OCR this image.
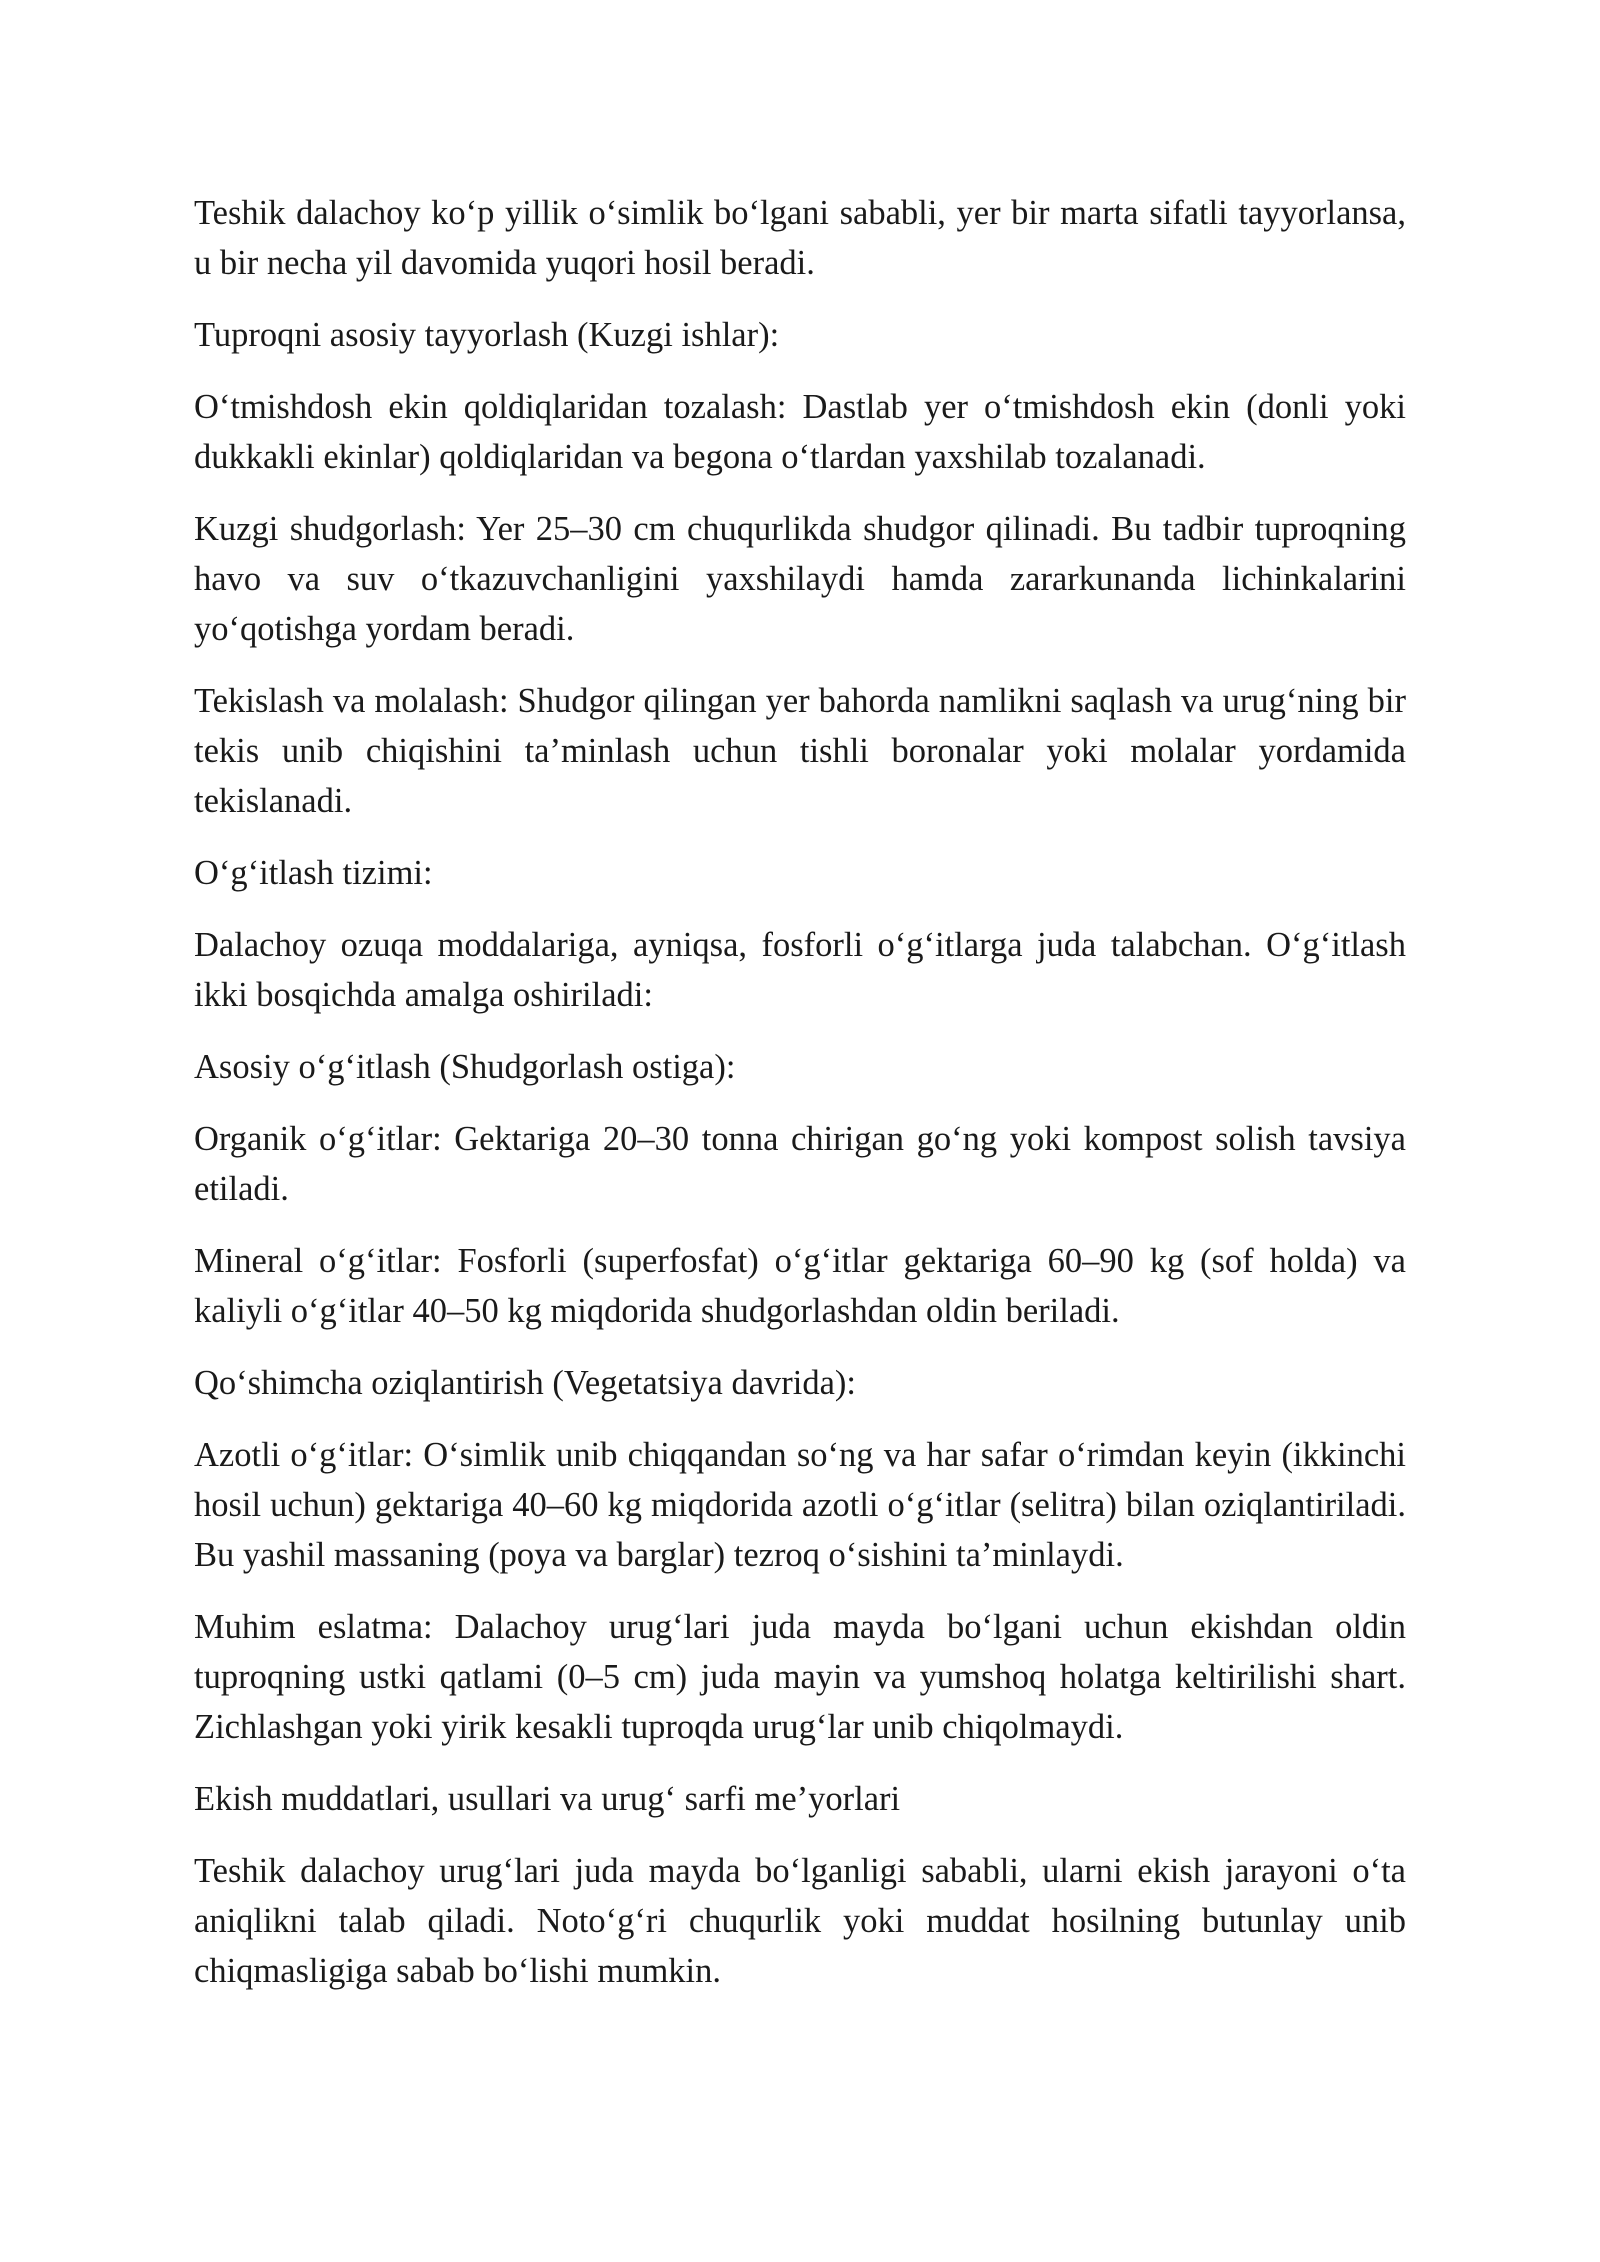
Teshik dalachoy koʻp yillik oʻsimlik boʻlgani sababli, yer bir marta sifatli tayyorlansa, u bir necha yil davomida yuqori hosil beradi.

Tuproqni asosiy tayyorlash (Kuzgi ishlar):

Oʻtmishdosh ekin qoldiqlaridan tozalash: Dastlab yer oʻtmishdosh ekin (donli yoki dukkakli ekinlar) qoldiqlaridan va begona oʻtlardan yaxshilab tozalanadi.

Kuzgi shudgorlash: Yer 25–30 cm chuqurlikda shudgor qilinadi. Bu tadbir tuproqning havo va suv oʻtkazuvchanligini yaxshilaydi hamda zararkunanda lichinkalarini yoʻqotishga yordam beradi.

Tekislash va molalash: Shudgor qilingan yer bahorda namlikni saqlash va urugʻning bir tekis unib chiqishini ta’minlash uchun tishli boronalar yoki molalar yordamida tekislanadi.

Oʻgʻitlash tizimi:

Dalachoy ozuqa moddalariga, ayniqsa, fosforli oʻgʻitlarga juda talabchan. Oʻgʻitlash ikki bosqichda amalga oshiriladi:

Asosiy oʻgʻitlash (Shudgorlash ostiga):

Organik oʻgʻitlar: Gektariga 20–30 tonna chirigan goʻng yoki kompost solish tavsiya etiladi.

Mineral oʻgʻitlar: Fosforli (superfosfat) oʻgʻitlar gektariga 60–90 kg (sof holda) va kaliyli oʻgʻitlar 40–50 kg miqdorida shudgorlashdan oldin beriladi.

Qoʻshimcha oziqlantirish (Vegetatsiya davrida):

Azotli oʻgʻitlar: Oʻsimlik unib chiqqandan soʻng va har safar oʻrimdan keyin (ikkinchi hosil uchun) gektariga 40–60 kg miqdorida azotli oʻgʻitlar (selitra) bilan oziqlantiriladi. Bu yashil massaning (poya va barglar) tezroq oʻsishini ta’minlaydi.

Muhim eslatma: Dalachoy urugʻlari juda mayda boʻlgani uchun ekishdan oldin tuproqning ustki qatlami (0–5 cm) juda mayin va yumshoq holatga keltirilishi shart. Zichlashgan yoki yirik kesakli tuproqda urugʻlar unib chiqolmaydi.

Ekish muddatlari, usullari va urugʻ sarfi me’yorlari

Teshik dalachoy urugʻlari juda mayda boʻlganligi sababli, ularni ekish jarayoni oʻta aniqlikni talab qiladi. Notoʻgʻri chuqurlik yoki muddat hosilning butunlay unib chiqmasligiga sabab boʻlishi mumkin.
